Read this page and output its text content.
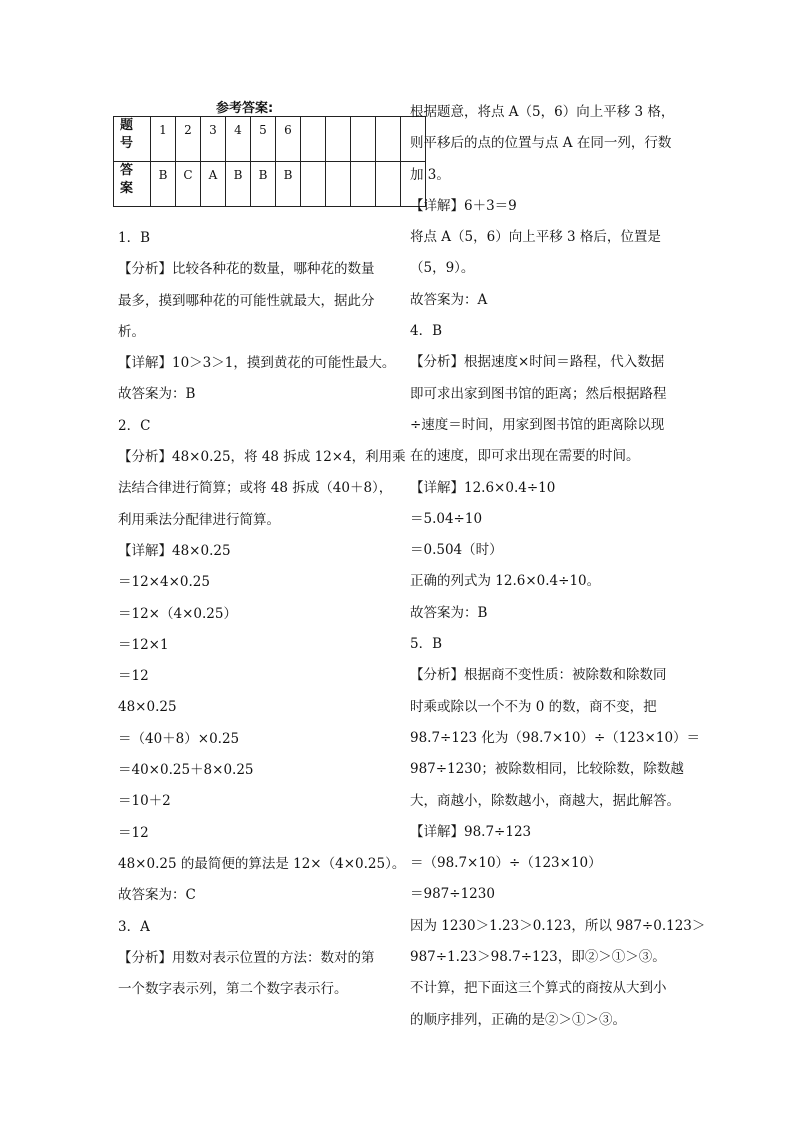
参考答案:
题
号	1	2	3	4	5	6					
答
案	B	C	A	B	B	B					
1．B
【分析】比较各种花的数量，哪种花的数量
最多，摸到哪种花的可能性就最大，据此分
析。
【详解】10＞3＞1，摸到黄花的可能性最大。
故答案为：B
2．C
【分析】48×0.25，将 48 拆成 12×4，利用乘
法结合律进行简算；或将 48 拆成（40＋8），
利用乘法分配律进行简算。
【详解】48×0.25
＝12×4×0.25
＝12×（4×0.25）
＝12×1
＝12
48×0.25
＝（40＋8）×0.25
＝40×0.25＋8×0.25
＝10＋2
＝12
48×0.25 的最简便的算法是 12×（4×0.25）。
故答案为：C
3．A
【分析】用数对表示位置的方法：数对的第
一个数字表示列，第二个数字表示行。
根据题意，将点 A（5，6）向上平移 3 格，
则平移后的点的位置与点 A 在同一列，行数
加 3。
【详解】6＋3＝9
将点 A（5，6）向上平移 3 格后，位置是
（5，9）。
故答案为：A
4．B
【分析】根据速度×时间＝路程，代入数据
即可求出家到图书馆的距离；然后根据路程
÷速度＝时间，用家到图书馆的距离除以现
在的速度，即可求出现在需要的时间。
【详解】12.6×0.4÷10
＝5.04÷10
＝0.504（时）
正确的列式为 12.6×0.4÷10。
故答案为：B
5．B
【分析】根据商不变性质：被除数和除数同
时乘或除以一个不为 0 的数，商不变，把
98.7÷123 化为（98.7×10）÷（123×10）＝
987÷1230；被除数相同，比较除数，除数越
大，商越小，除数越小，商越大，据此解答。
【详解】98.7÷123
＝（98.7×10）÷（123×10）
＝987÷1230
因为 1230＞1.23＞0.123，所以 987÷0.123＞
987÷1.23＞98.7÷123，即②＞①＞③。
不计算，把下面这三个算式的商按从大到小
的顺序排列，正确的是②＞①＞③。
